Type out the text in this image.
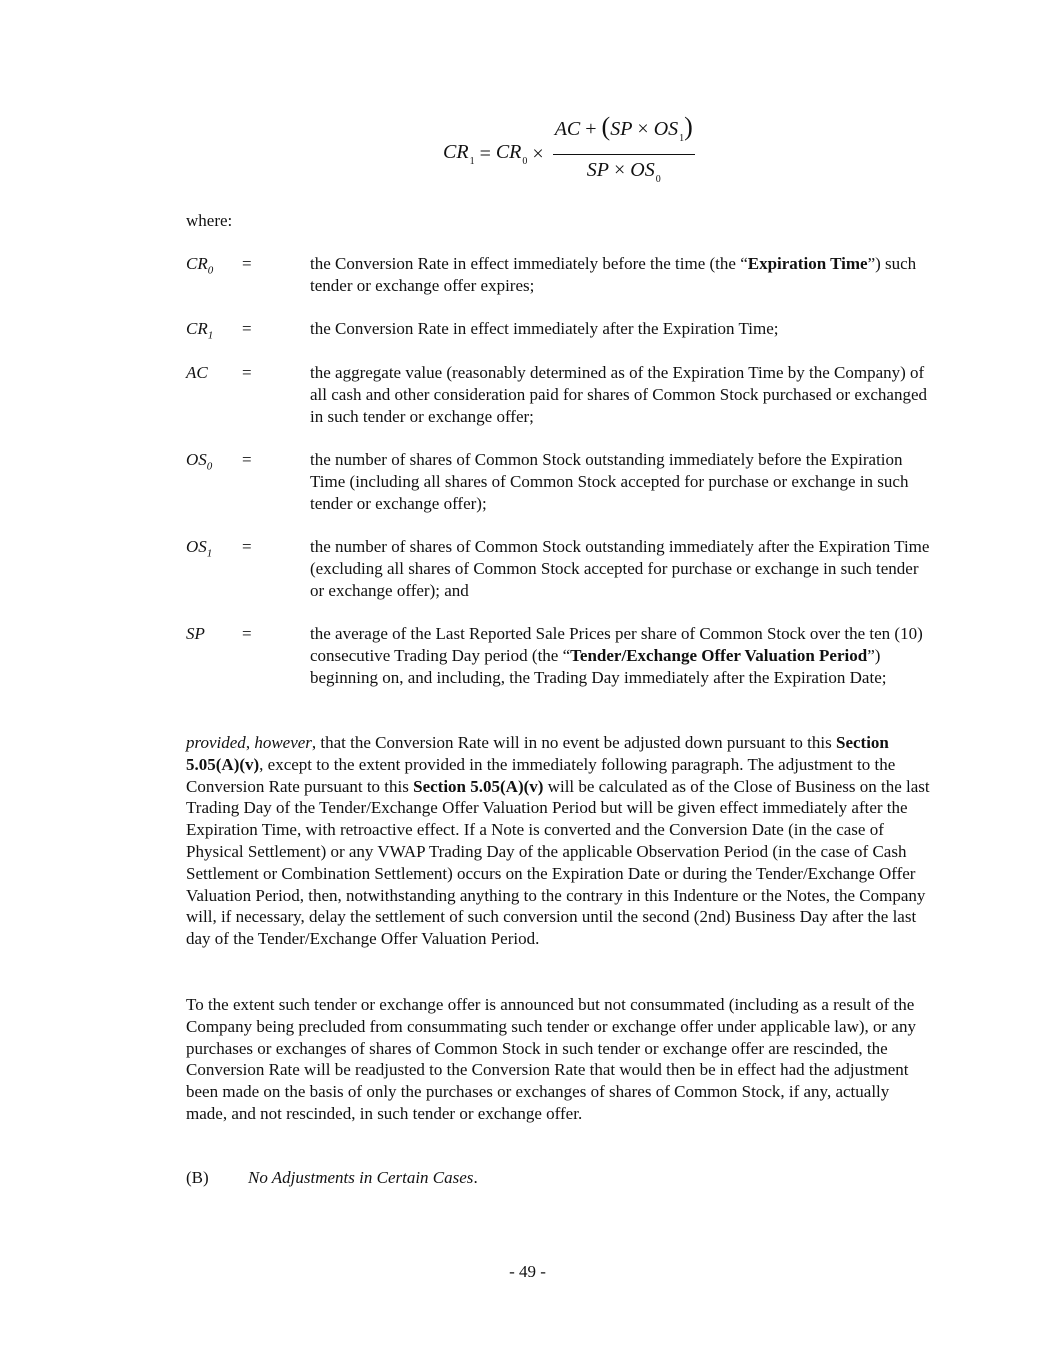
$CR_1 = CR_0 \times \frac{AC + (SP \times OS_1)}{SP \times OS_0}$
where:
$CR_0$ =	the Conversion Rate in effect immediately before the time (the “Expiration Time”) such tender or exchange offer expires;
$CR_1$ =	the Conversion Rate in effect immediately after the Expiration Time;
AC =	the aggregate value (reasonably determined as of the Expiration Time by the Company) of all cash and other consideration paid for shares of Common Stock purchased or exchanged in such tender or exchange offer;
$OS_0$ =	the number of shares of Common Stock outstanding immediately before the Expiration Time (including all shares of Common Stock accepted for purchase or exchange in such tender or exchange offer);
$OS_1$ =	the number of shares of Common Stock outstanding immediately after the Expiration Time (excluding all shares of Common Stock accepted for purchase or exchange in such tender or exchange offer); and
SP =	the average of the Last Reported Sale Prices per share of Common Stock over the ten (10) consecutive Trading Day period (the “Tender/Exchange Offer Valuation Period”) beginning on, and including, the Trading Day immediately after the Expiration Date;
provided, however, that the Conversion Rate will in no event be adjusted down pursuant to this Section 5.05(A)(v), except to the extent provided in the immediately following paragraph. The adjustment to the Conversion Rate pursuant to this Section 5.05(A)(v) will be calculated as of the Close of Business on the last Trading Day of the Tender/Exchange Offer Valuation Period but will be given effect immediately after the Expiration Time, with retroactive effect. If a Note is converted and the Conversion Date (in the case of Physical Settlement) or any VWAP Trading Day of the applicable Observation Period (in the case of Cash Settlement or Combination Settlement) occurs on the Expiration Date or during the Tender/Exchange Offer Valuation Period, then, notwithstanding anything to the contrary in this Indenture or the Notes, the Company will, if necessary, delay the settlement of such conversion until the second (2nd) Business Day after the last day of the Tender/Exchange Offer Valuation Period.
To the extent such tender or exchange offer is announced but not consummated (including as a result of the Company being precluded from consummating such tender or exchange offer under applicable law), or any purchases or exchanges of shares of Common Stock in such tender or exchange offer are rescinded, the Conversion Rate will be readjusted to the Conversion Rate that would then be in effect had the adjustment been made on the basis of only the purchases or exchanges of shares of Common Stock, if any, actually made, and not rescinded, in such tender or exchange offer.
(B) No Adjustments in Certain Cases.
- 49 -
